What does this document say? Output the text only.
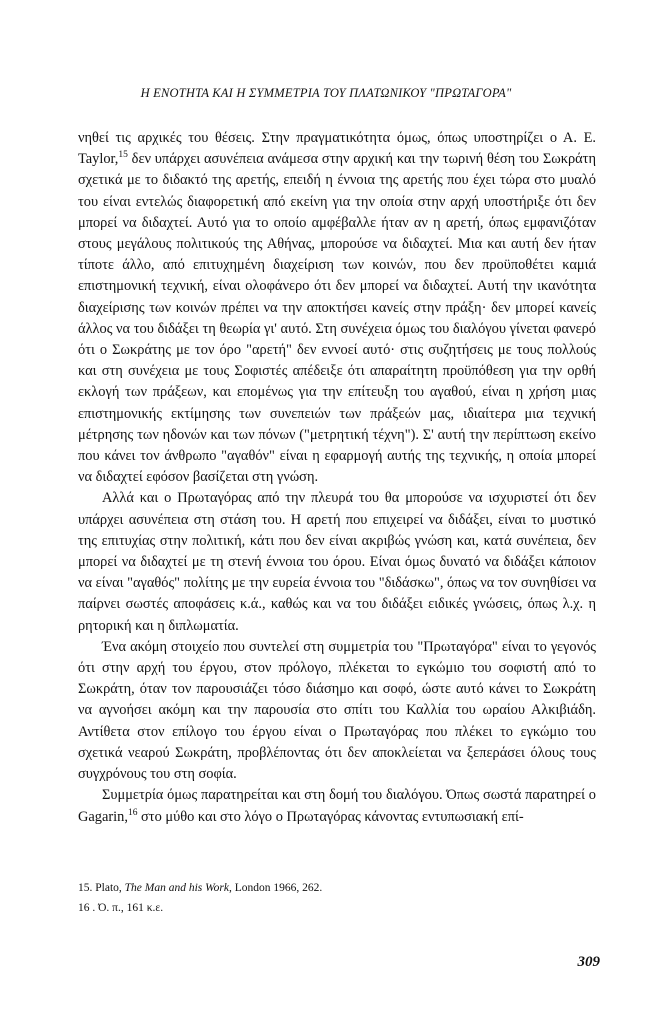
Η ΕΝΟΤΗΤΑ ΚΑΙ Η ΣΥΜΜΕΤΡΙΑ ΤΟΥ ΠΛΑΤΩΝΙΚΟΥ "ΠΡΩΤΑΓΟΡΑ"

νηθεί τις αρχικές του θέσεις. Στην πραγματικότητα όμως, όπως υποστηρίζει ο Α. Ε. Taylor,$^{15}$ δεν υπάρχει ασυνέπεια ανάμεσα στην αρχική και την τωρινή θέση του Σωκράτη σχετικά με το διδακτό της αρετής, επειδή η έννοια της αρετής που έχει τώρα στο μυαλό του είναι εντελώς διαφορετική από εκείνη για την οποία στην αρχή υποστήριξε ότι δεν μπορεί να διδαχτεί. Αυτό για το οποίο αμφέβαλλε ήταν αν η αρετή, όπως εμφανιζόταν στους μεγάλους πολιτικούς της Αθήνας, μπορούσε να διδαχτεί. Μια και αυτή δεν ήταν τίποτε άλλο, από επιτυχημένη διαχείριση των κοινών, που δεν προϋποθέτει καμιά επιστημονική τεχνική, είναι ολοφάνερο ότι δεν μπορεί να διδαχτεί. Αυτή την ικανότητα διαχείρισης των κοινών πρέπει να την αποκτήσει κανείς στην πράξη· δεν μπορεί κανείς άλλος να του διδάξει τη θεωρία γι' αυτό. Στη συνέχεια όμως του διαλόγου γίνεται φανερό ότι ο Σωκράτης με τον όρο "αρετή" δεν εννοεί αυτό· στις συζητήσεις με τους πολλούς και στη συνέχεια με τους Σοφιστές απέδειξε ότι απαραίτητη προϋπόθεση για την ορθή εκλογή των πράξεων, και επομένως για την επίτευξη του αγαθού, είναι η χρήση μιας επιστημονικής εκτίμησης των συνεπειών των πράξεών μας, ιδιαίτερα μια τεχνική μέτρησης των ηδονών και των πόνων ("μετρητική τέχνη"). Σ' αυτή την περίπτωση εκείνο που κάνει τον άνθρωπο "αγαθόν" είναι η εφαρμογή αυτής της τεχνικής, η οποία μπορεί να διδαχτεί εφόσον βασίζεται στη γνώση.

Αλλά και ο Πρωταγόρας από την πλευρά του θα μπορούσε να ισχυριστεί ότι δεν υπάρχει ασυνέπεια στη στάση του. Η αρετή που επιχειρεί να διδάξει, είναι το μυστικό της επιτυχίας στην πολιτική, κάτι που δεν είναι ακριβώς γνώση και, κατά συνέπεια, δεν μπορεί να διδαχτεί με τη στενή έννοια του όρου. Είναι όμως δυνατό να διδάξει κάποιον να είναι "αγαθός" πολίτης με την ευρεία έννοια του "διδάσκω", όπως να τον συνηθίσει να παίρνει σωστές αποφάσεις κ.ά., καθώς και να του διδάξει ειδικές γνώσεις, όπως λ.χ. η ρητορική και η διπλωματία.

Ένα ακόμη στοιχείο που συντελεί στη συμμετρία του "Πρωταγόρα" είναι το γεγονός ότι στην αρχή του έργου, στον πρόλογο, πλέκεται το εγκώμιο του σοφιστή από το Σωκράτη, όταν τον παρουσιάζει τόσο διάσημο και σοφό, ώστε αυτό κάνει το Σωκράτη να αγνοήσει ακόμη και την παρουσία στο σπίτι του Καλλία του ωραίου Αλκιβιάδη. Αντίθετα στον επίλογο του έργου είναι ο Πρωταγόρας που πλέκει το εγκώμιο του σχετικά νεαρού Σωκράτη, προβλέποντας ότι δεν αποκλείεται να ξεπεράσει όλους τους συγχρόνους του στη σοφία.

Συμμετρία όμως παρατηρείται και στη δομή του διαλόγου. Όπως σωστά παρατηρεί ο Gagarin,$^{16}$ στο μύθο και στο λόγο ο Πρωταγόρας κάνοντας εντυπωσιακή επί-

15. Plato, The Man and his Work, London 1966, 262.
16 . Ό. π., 161 κ.ε.
309
